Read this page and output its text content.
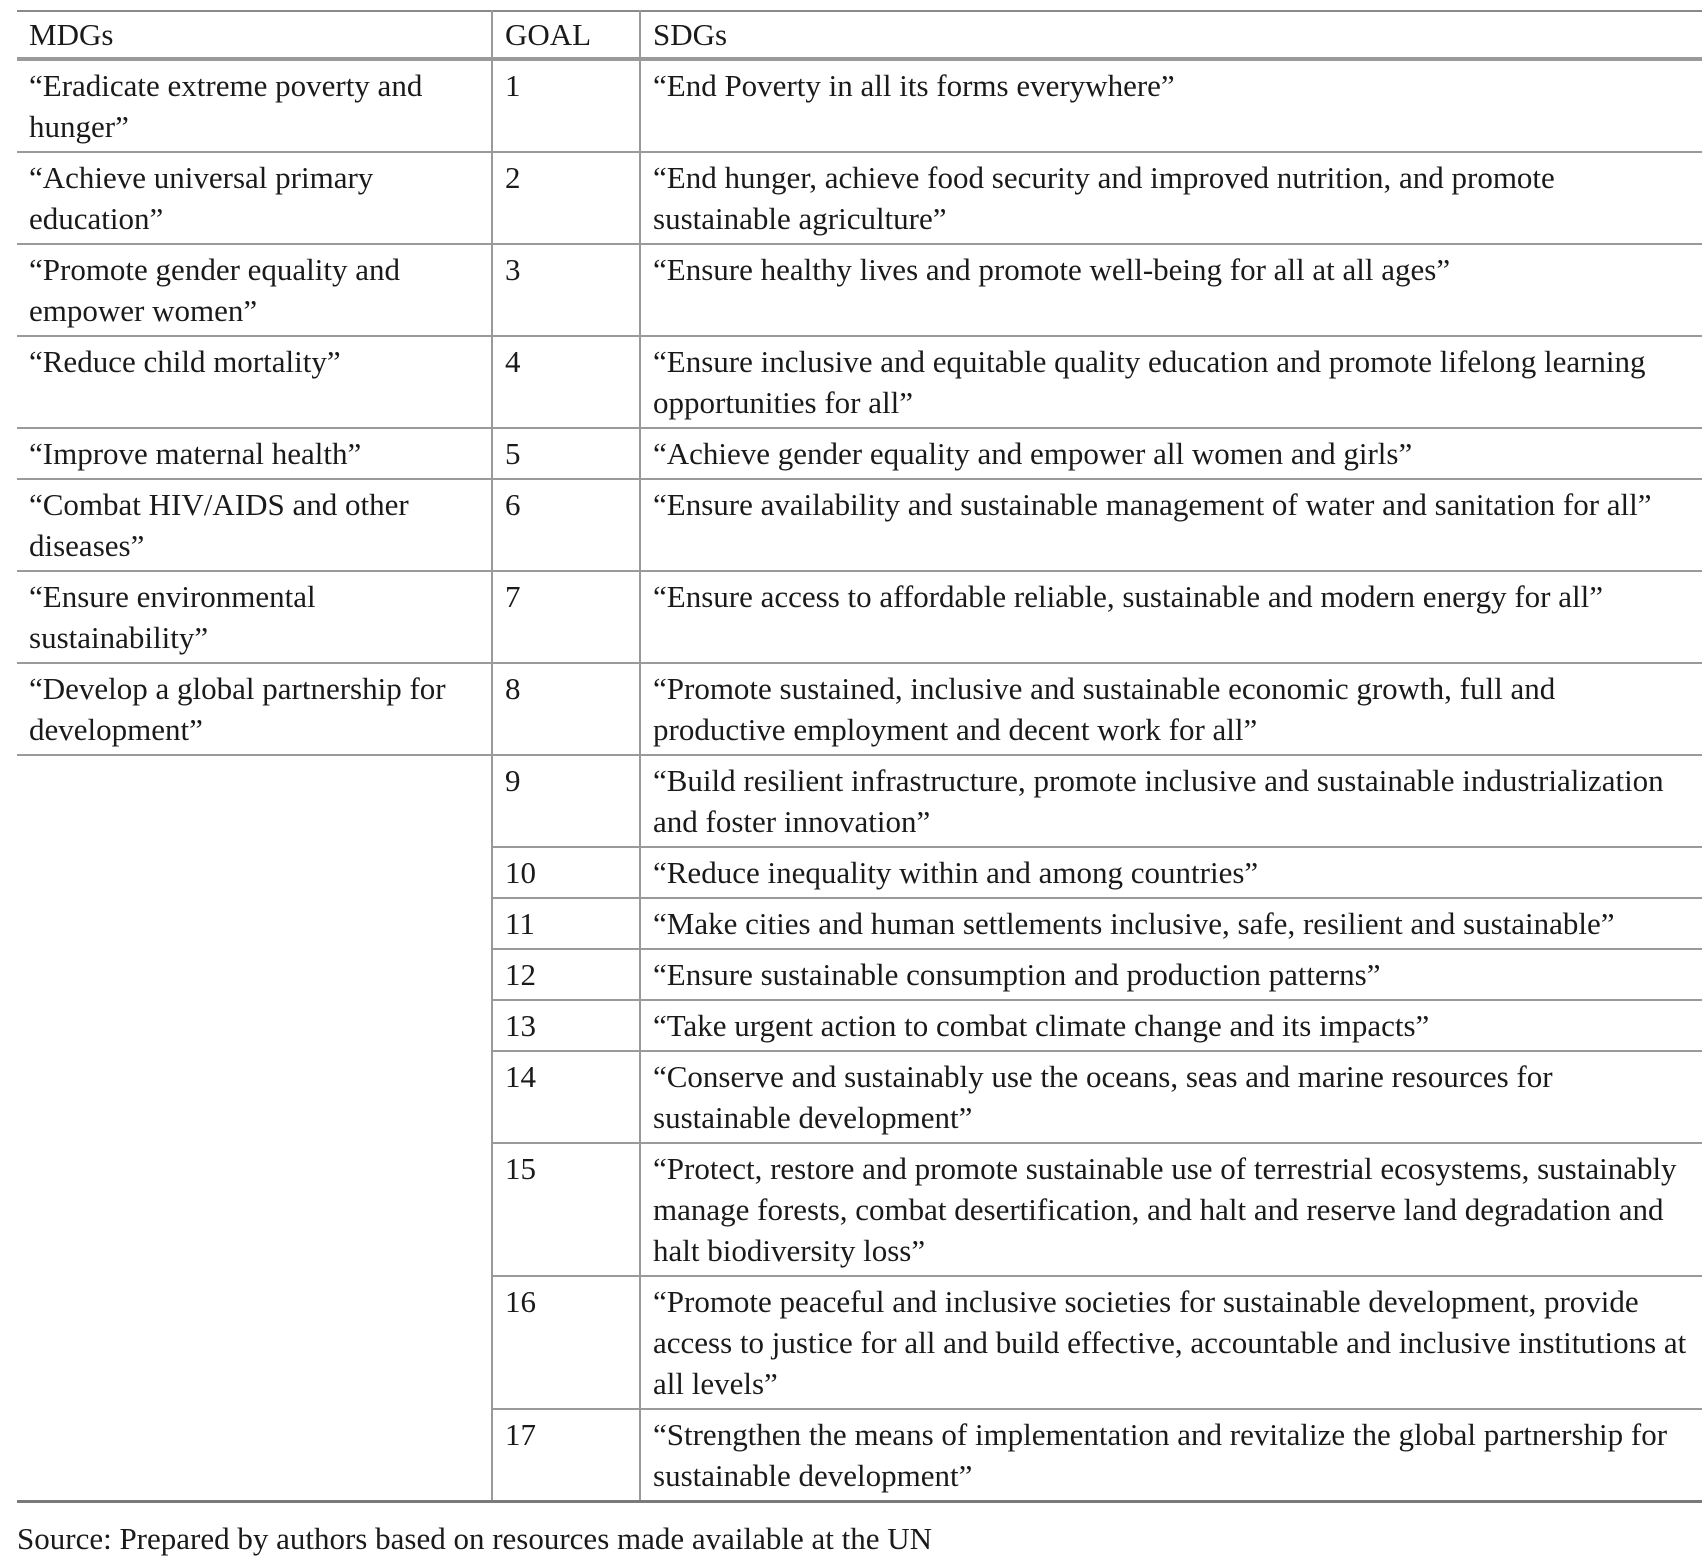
MDGs	GOAL	SDGs
“Eradicate extreme poverty and hunger”	1	“End Poverty in all its forms everywhere”
“Achieve universal primary education”	2	“End hunger, achieve food security and improved nutrition, and promote sustainable agriculture”
“Promote gender equality and empower women”	3	“Ensure healthy lives and promote well-being for all at all ages”
“Reduce child mortality”	4	“Ensure inclusive and equitable quality education and promote lifelong learning opportunities for all”
“Improve maternal health”	5	“Achieve gender equality and empower all women and girls”
“Combat HIV/AIDS and other diseases”	6	“Ensure availability and sustainable management of water and sanitation for all”
“Ensure environmental sustainability”	7	“Ensure access to affordable reliable, sustainable and modern energy for all”
“Develop a global partnership for development”	8	“Promote sustained, inclusive and sustainable economic growth, full and productive employment and decent work for all”
	9	“Build resilient infrastructure, promote inclusive and sustainable industrialization and foster innovation”
	10	“Reduce inequality within and among countries”
	11	“Make cities and human settlements inclusive, safe, resilient and sustainable”
	12	“Ensure sustainable consumption and production patterns”
	13	“Take urgent action to combat climate change and its impacts”
	14	“Conserve and sustainably use the oceans, seas and marine resources for sustainable development”
	15	“Protect, restore and promote sustainable use of terrestrial ecosystems, sustainably manage forests, combat desertification, and halt and reserve land degradation and halt biodiversity loss”
	16	“Promote peaceful and inclusive societies for sustainable development, provide access to justice for all and build effective, accountable and inclusive institutions at all levels”
	17	“Strengthen the means of implementation and revitalize the global partnership for sustainable development”
Source: Prepared by authors based on resources made available at the UN
